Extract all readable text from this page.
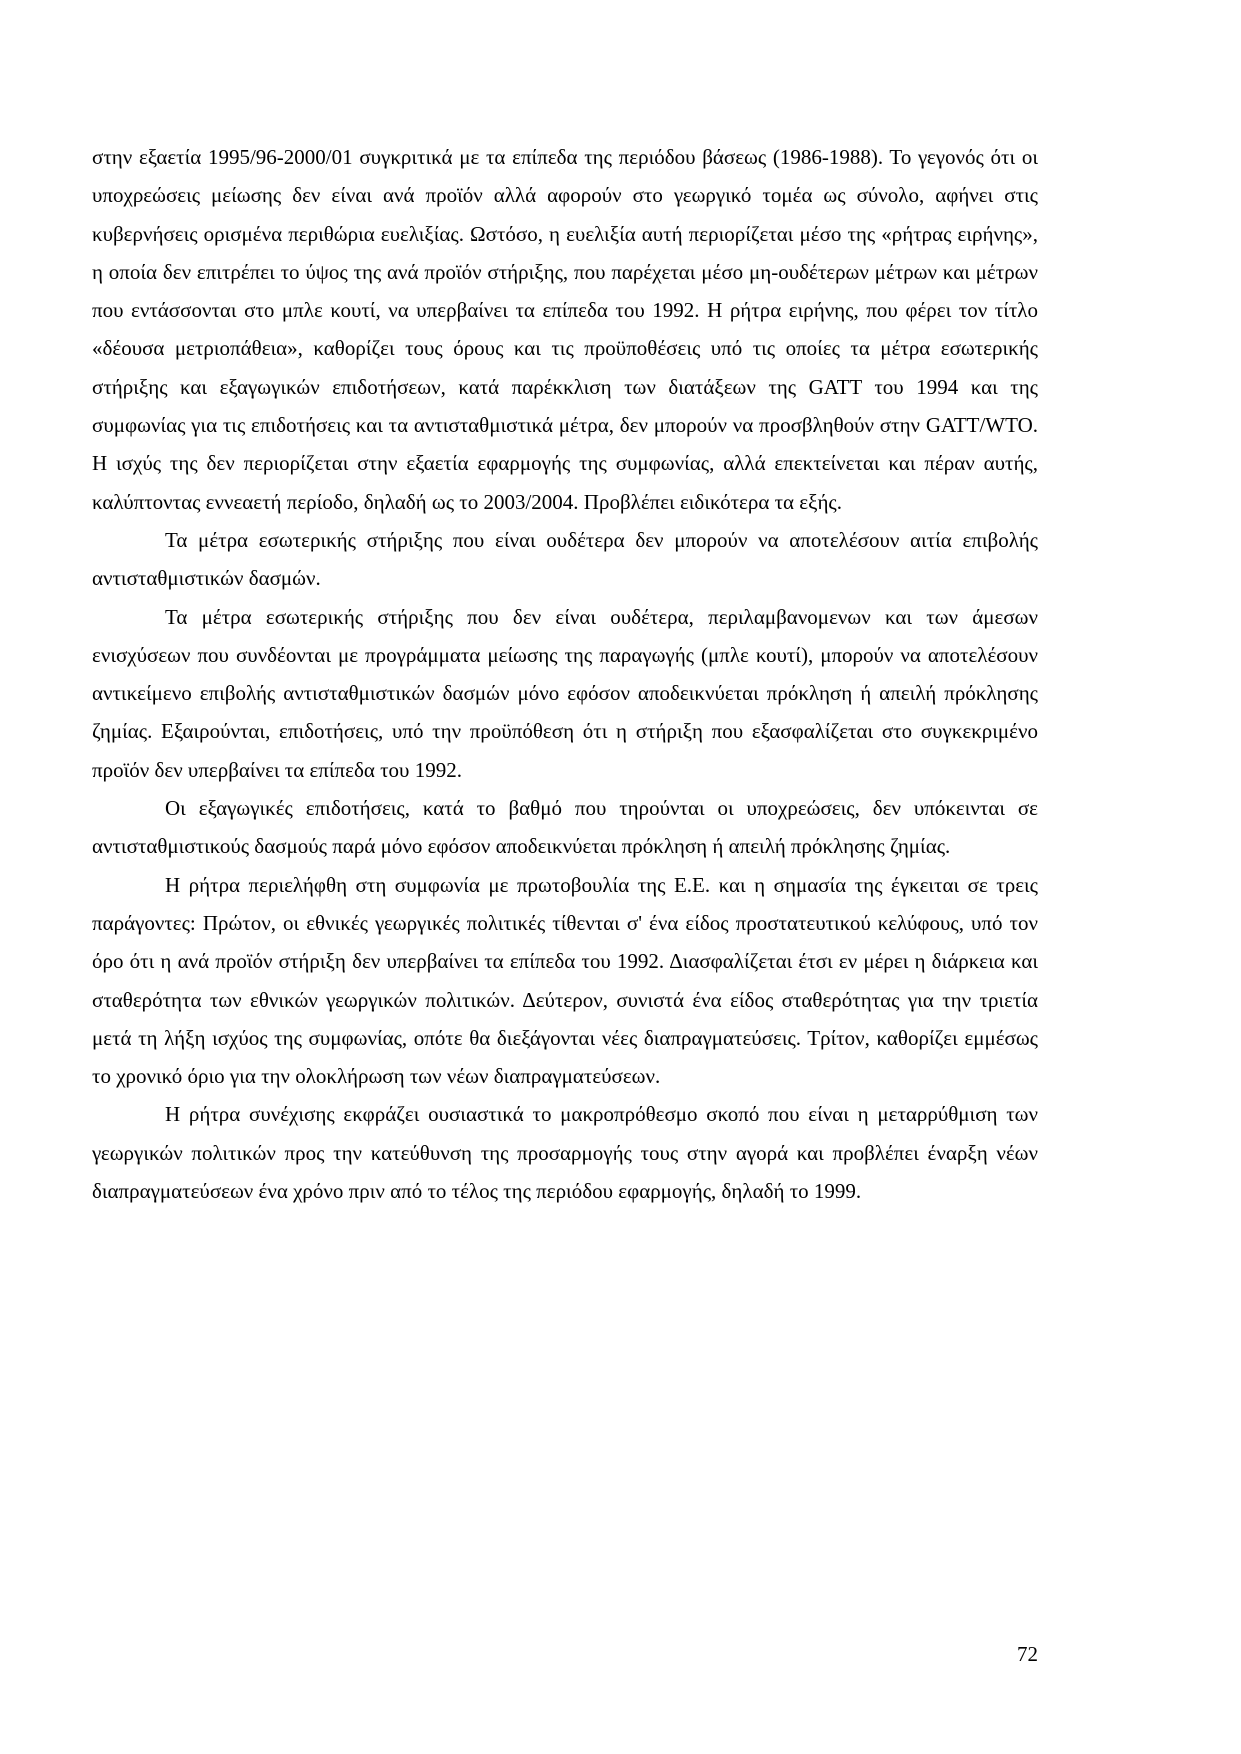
στην εξαετία 1995/96-2000/01 συγκριτικά με τα επίπεδα της περιόδου βάσεως (1986-1988). Το γεγονός ότι οι υποχρεώσεις μείωσης δεν είναι ανά προϊόν αλλά αφορούν στο γεωργικό τομέα ως σύνολο, αφήνει στις κυβερνήσεις ορισμένα περιθώρια ευελιξίας. Ωστόσο, η ευελιξία αυτή περιορίζεται μέσο της «ρήτρας ειρήνης», η οποία δεν επιτρέπει το ύψος της ανά προϊόν στήριξης, που παρέχεται μέσο μη-ουδέτερων μέτρων και μέτρων που εντάσσονται στο μπλε κουτί, να υπερβαίνει τα επίπεδα του 1992. Η ρήτρα ειρήνης, που φέρει τον τίτλο «δέουσα μετριοπάθεια», καθορίζει τους όρους και τις προϋποθέσεις υπό τις οποίες τα μέτρα εσωτερικής στήριξης και εξαγωγικών επιδοτήσεων, κατά παρέκκλιση των διατάξεων της GATT του 1994 και της συμφωνίας για τις επιδοτήσεις και τα αντισταθμιστικά μέτρα, δεν μπορούν να προσβληθούν στην GATT/WTO. Η ισχύς της δεν περιορίζεται στην εξαετία εφαρμογής της συμφωνίας, αλλά επεκτείνεται και πέραν αυτής, καλύπτοντας εννεαετή περίοδο, δηλαδή ως το 2003/2004. Προβλέπει ειδικότερα τα εξής.

Τα μέτρα εσωτερικής στήριξης που είναι ουδέτερα δεν μπορούν να αποτελέσουν αιτία επιβολής αντισταθμιστικών δασμών.

Τα μέτρα εσωτερικής στήριξης που δεν είναι ουδέτερα, περιλαμβανομενων και των άμεσων ενισχύσεων που συνδέονται με προγράμματα μείωσης της παραγωγής (μπλε κουτί), μπορούν να αποτελέσουν αντικείμενο επιβολής αντισταθμιστικών δασμών μόνο εφόσον αποδεικνύεται πρόκληση ή απειλή πρόκλησης ζημίας. Εξαιρούνται, επιδοτήσεις, υπό την προϋπόθεση ότι η στήριξη που εξασφαλίζεται στο συγκεκριμένο προϊόν δεν υπερβαίνει τα επίπεδα του 1992.

Οι εξαγωγικές επιδοτήσεις, κατά το βαθμό που τηρούνται οι υποχρεώσεις, δεν υπόκεινται σε αντισταθμιστικούς δασμούς παρά μόνο εφόσον αποδεικνύεται πρόκληση ή απειλή πρόκλησης ζημίας.

Η ρήτρα περιελήφθη στη συμφωνία με πρωτοβουλία της Ε.Ε. και η σημασία της έγκειται σε τρεις παράγοντες: Πρώτον, οι εθνικές γεωργικές πολιτικές τίθενται σ' ένα είδος προστατευτικού κελύφους, υπό τον όρο ότι η ανά προϊόν στήριξη δεν υπερβαίνει τα επίπεδα του 1992. Διασφαλίζεται έτσι εν μέρει η διάρκεια και σταθερότητα των εθνικών γεωργικών πολιτικών. Δεύτερον, συνιστά ένα είδος σταθερότητας για την τριετία μετά τη λήξη ισχύος της συμφωνίας, οπότε θα διεξάγονται νέες διαπραγματεύσεις. Τρίτον, καθορίζει εμμέσως το χρονικό όριο για την ολοκλήρωση των νέων διαπραγματεύσεων.

Η ρήτρα συνέχισης εκφράζει ουσιαστικά το μακροπρόθεσμο σκοπό που είναι η μεταρρύθμιση των γεωργικών πολιτικών προς την κατεύθυνση της προσαρμογής τους στην αγορά και προβλέπει έναρξη νέων διαπραγματεύσεων ένα χρόνο πριν από το τέλος της περιόδου εφαρμογής, δηλαδή το 1999.

72
